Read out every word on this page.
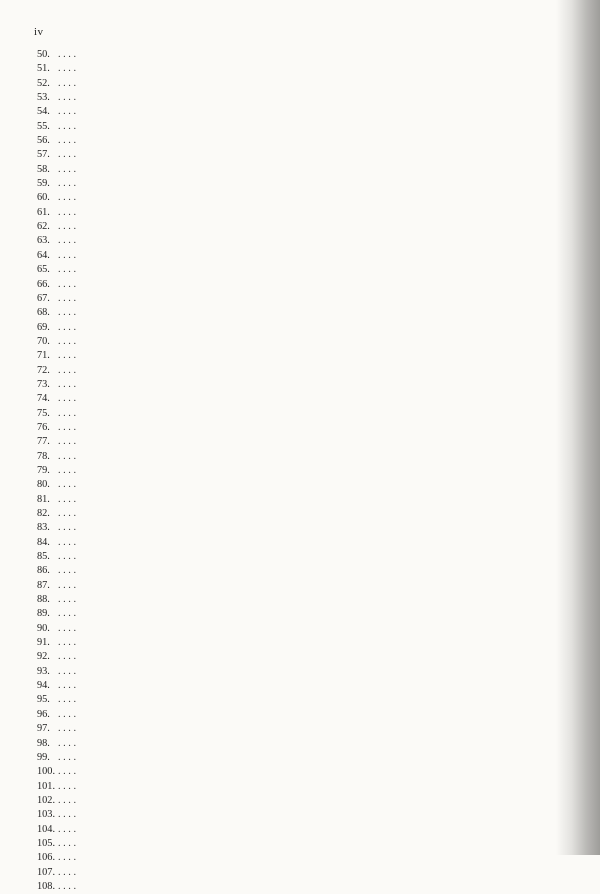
iv
50. . . . .
51. . . . .
52. . . . .
53. . . . .
54. . . . .
55. . . . .
56. . . . .
57. . . . .
58. . . . .
59. . . . .
60. . . . .
61. . . . .
62. . . . .
63. . . . .
64. . . . .
65. . . . .
66. . . . .
67. . . . .
68. . . . .
69. . . . .
70. . . . .
71. . . . .
72. . . . .
73. . . . .
74. . . . .
75. . . . .
76. . . . .
77. . . . .
78. . . . .
79. . . . .
80. . . . .
81. . . . .
82. . . . .
83. . . . .
84. . . . .
85. . . . .
86. . . . .
87. . . . .
88. . . . .
89. . . . .
90. . . . .
91. . . . .
92. . . . .
93. . . . .
94. . . . .
95. . . . .
96. . . . .
97. . . . .
98. . . . .
99. . . . .
100. . . . .
101. . . . .
102. . . . .
103. . . . .
104. . . . .
105. . . . .
106. . . . .
107. . . . .
108. . . . .
